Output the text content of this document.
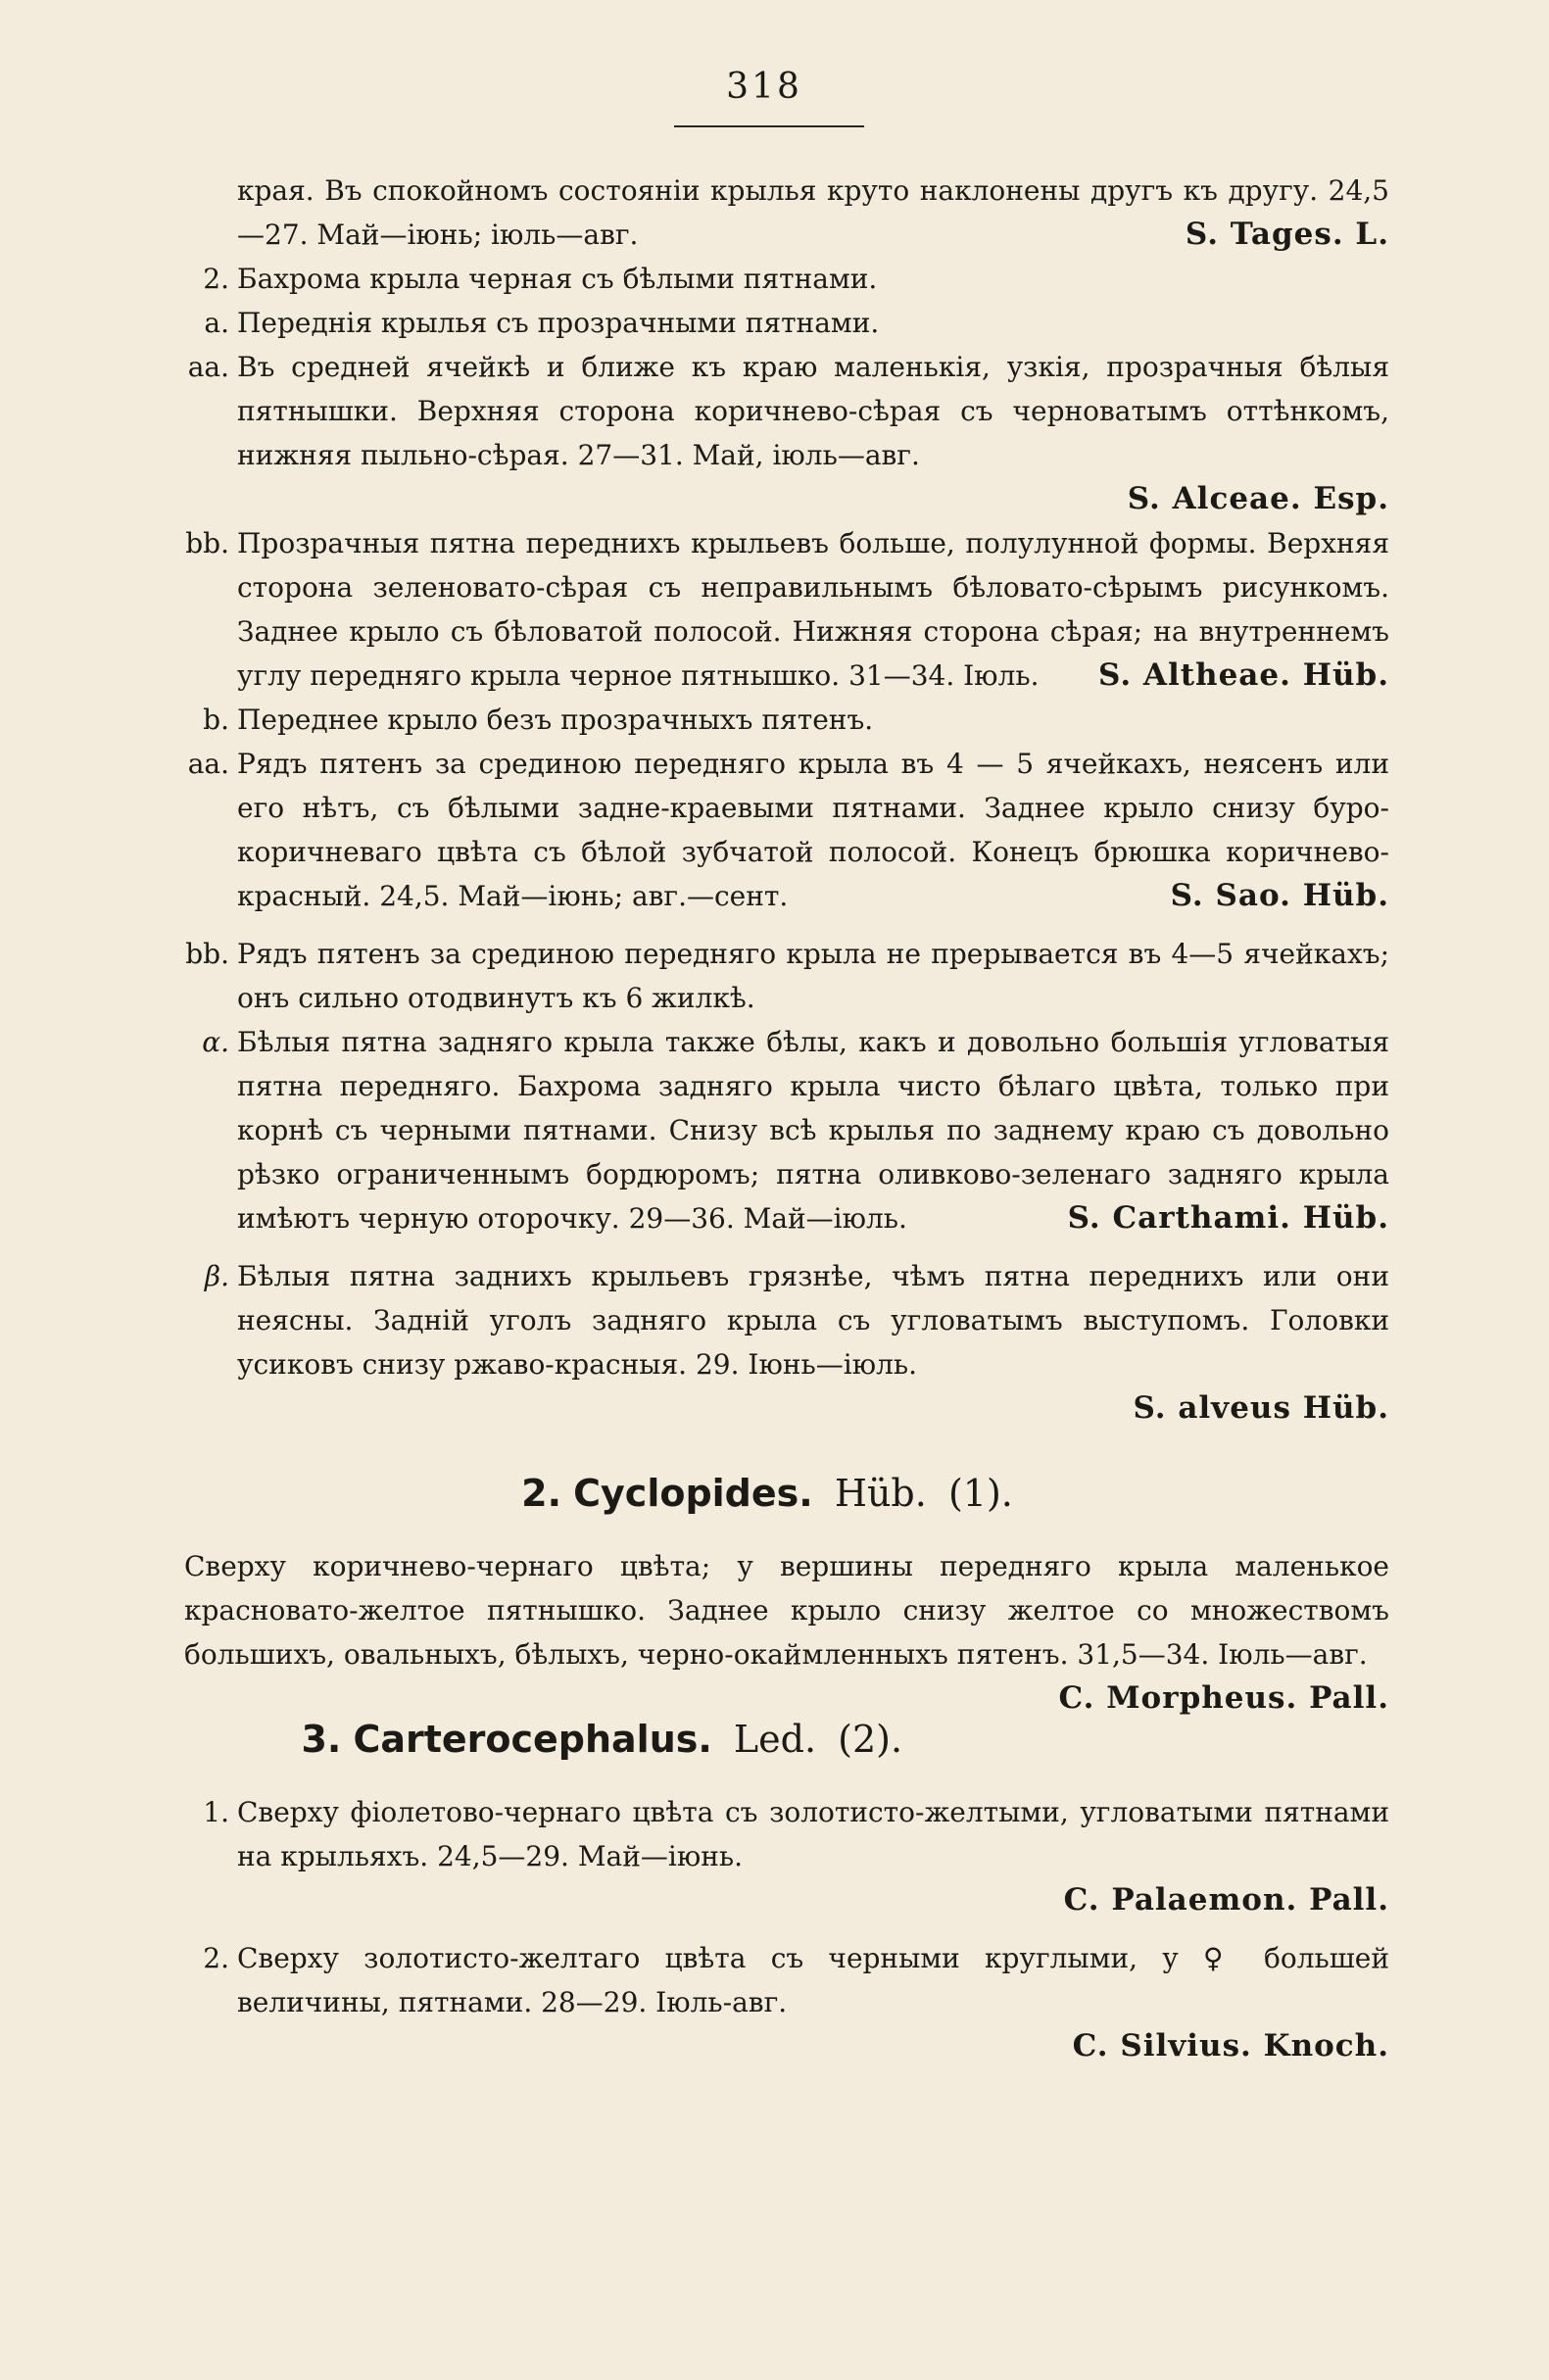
318
края. Въ спокойномъ состояніи крылья круто наклонены другъ къ другу. 24,5—27. Май—іюнь; іюль—авг.	S. Tages. L.
2. Бахрома крыла черная съ бѣлыми пятнами.
a. Переднія крылья съ прозрачными пятнами.
aa. Въ средней ячейкѣ и ближе къ краю маленькія, узкія, прозрачныя бѣлыя пятнышки. Верхняя сторона коричнево-сѣрая съ черноватымъ оттѣнкомъ, нижняя пыльно-сѣрая. 27—31. Май, іюль—авг.
S. Alceae. Esp.
bb. Прозрачныя пятна переднихъ крыльевъ больше, полулунной формы. Верхняя сторона зеленовато-сѣрая съ неправильнымъ бѣловато-сѣрымъ рисункомъ. Заднее крыло съ бѣловатой полосой. Нижняя сторона сѣрая; на внутреннемъ углу передняго крыла черное пятнышко. 31—34. Іюль. S. Altheae. Hüb.
b. Переднее крыло безъ прозрачныхъ пятенъ.
aa. Рядъ пятенъ за срединою передняго крыла въ 4 — 5 ячейкахъ, неясенъ или его нѣтъ, съ бѣлыми задне-краевыми пятнами. Заднее крыло снизу буро-коричневаго цвѣта съ бѣлой зубчатой полосой. Конецъ брюшка коричнево-красный. 24,5. Май—іюнь; авг.—сент.	S. Sao. Hüb.
bb. Рядъ пятенъ за срединою передняго крыла не прерывается въ 4—5 ячейкахъ; онъ сильно отодвинутъ къ 6 жилкѣ.
α. Бѣлыя пятна задняго крыла также бѣлы, какъ и довольно большія угловатыя пятна передняго. Бахрома задняго крыла чисто бѣлаго цвѣта, только при корнѣ съ черными пятнами. Снизу всѣ крылья по заднему краю съ довольно рѣзко ограниченнымъ бордюромъ; пятна оливково-зеленаго задняго крыла имѣютъ черную оторочку. 29—36. Май—іюль.	S. Carthami. Hüb.
β. Бѣлыя пятна заднихъ крыльевъ грязнѣе, чѣмъ пятна переднихъ или они неясны. Задній уголъ задняго крыла съ угловатымъ выступомъ. Головки усиковъ снизу ржаво-красныя. 29. Іюнь—іюль.
S. alveus Hüb.
2. Cyclopides. Hüb. (1).
Сверху коричнево-чернаго цвѣта; у вершины передняго крыла маленькое красновато-желтое пятнышко. Заднее крыло снизу желтое со множествомъ большихъ, овальныхъ, бѣлыхъ, черно-окаймленныхъ пятенъ. 31,5—34. Іюль—авг.
C. Morpheus. Pall.
3. Carterocephalus. Led. (2).
1. Сверху фіолетово-чернаго цвѣта съ золотисто-желтыми, угловатыми пятнами на крыльяхъ. 24,5—29. Май—іюнь.
C. Palaemon. Pall.
2. Сверху золотисто-желтаго цвѣта съ черными круглыми, у ♀ большей величины, пятнами. 28—29. Іюль-авг.
C. Silvius. Knoch.
